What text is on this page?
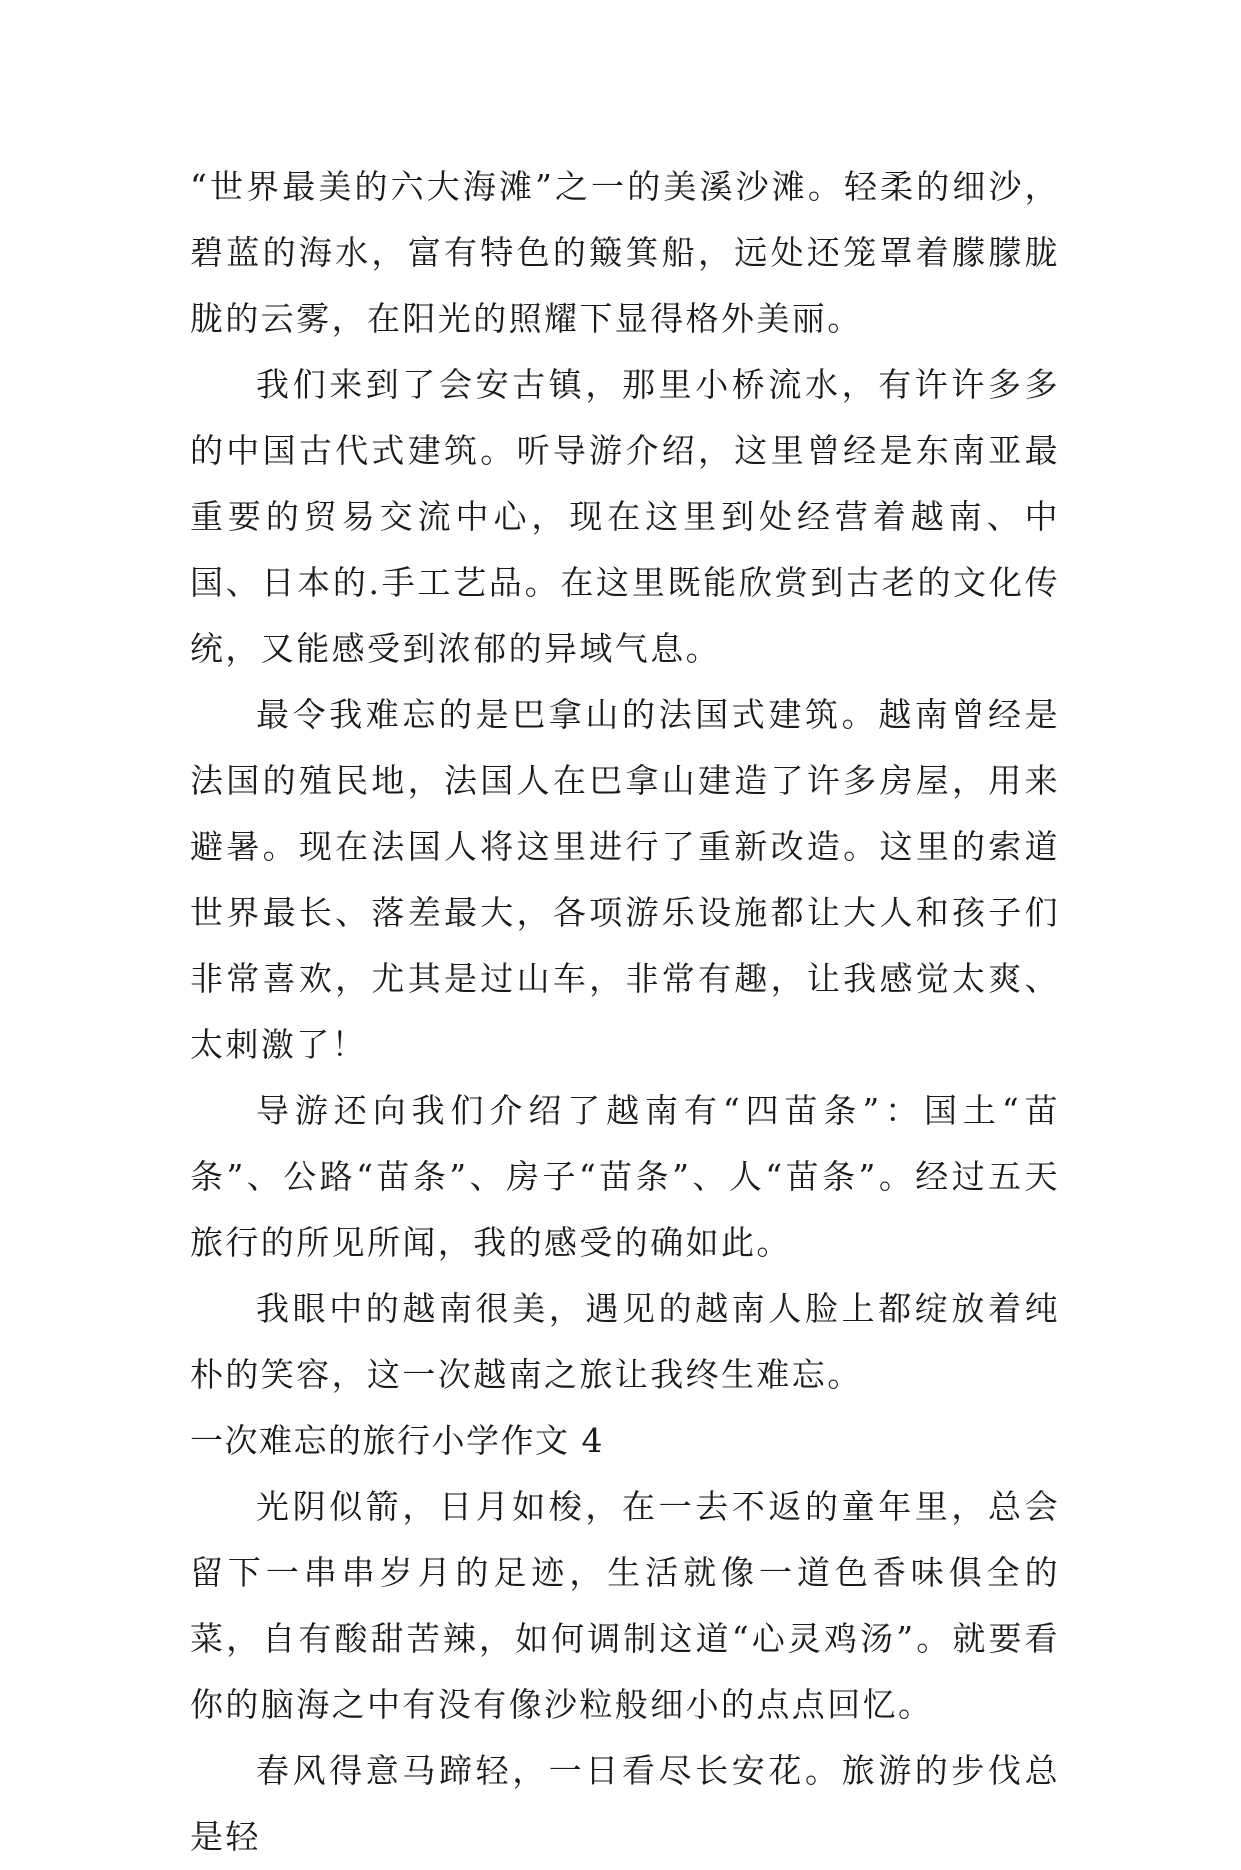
“世界最美的六大海滩”之一的美溪沙滩。轻柔的细沙，碧蓝的海水，富有特色的簸箕船，远处还笼罩着朦朦胧胧的云雾，在阳光的照耀下显得格外美丽。

我们来到了会安古镇，那里小桥流水，有许许多多的中国古代式建筑。听导游介绍，这里曾经是东南亚最重要的贸易交流中心，现在这里到处经营着越南、中国、日本的.手工艺品。在这里既能欣赏到古老的文化传统，又能感受到浓郁的异域气息。

最令我难忘的是巴拿山的法国式建筑。越南曾经是法国的殖民地，法国人在巴拿山建造了许多房屋，用来避暑。现在法国人将这里进行了重新改造。这里的索道世界最长、落差最大，各项游乐设施都让大人和孩子们非常喜欢，尤其是过山车，非常有趣，让我感觉太爽、太刺激了！

导游还向我们介绍了越南有“四苗条”：国土“苗条”、公路“苗条”、房子“苗条”、人“苗条”。经过五天旅行的所见所闻，我的感受的确如此。

我眼中的越南很美，遇见的越南人脸上都绽放着纯朴的笑容，这一次越南之旅让我终生难忘。

一次难忘的旅行小学作文 4

光阴似箭，日月如梭，在一去不返的童年里，总会留下一串串岁月的足迹，生活就像一道色香味俱全的菜，自有酸甜苦辣，如何调制这道“心灵鸡汤”。就要看你的脑海之中有没有像沙粒般细小的点点回忆。

春风得意马蹄轻，一日看尽长安花。旅游的步伐总是轻
